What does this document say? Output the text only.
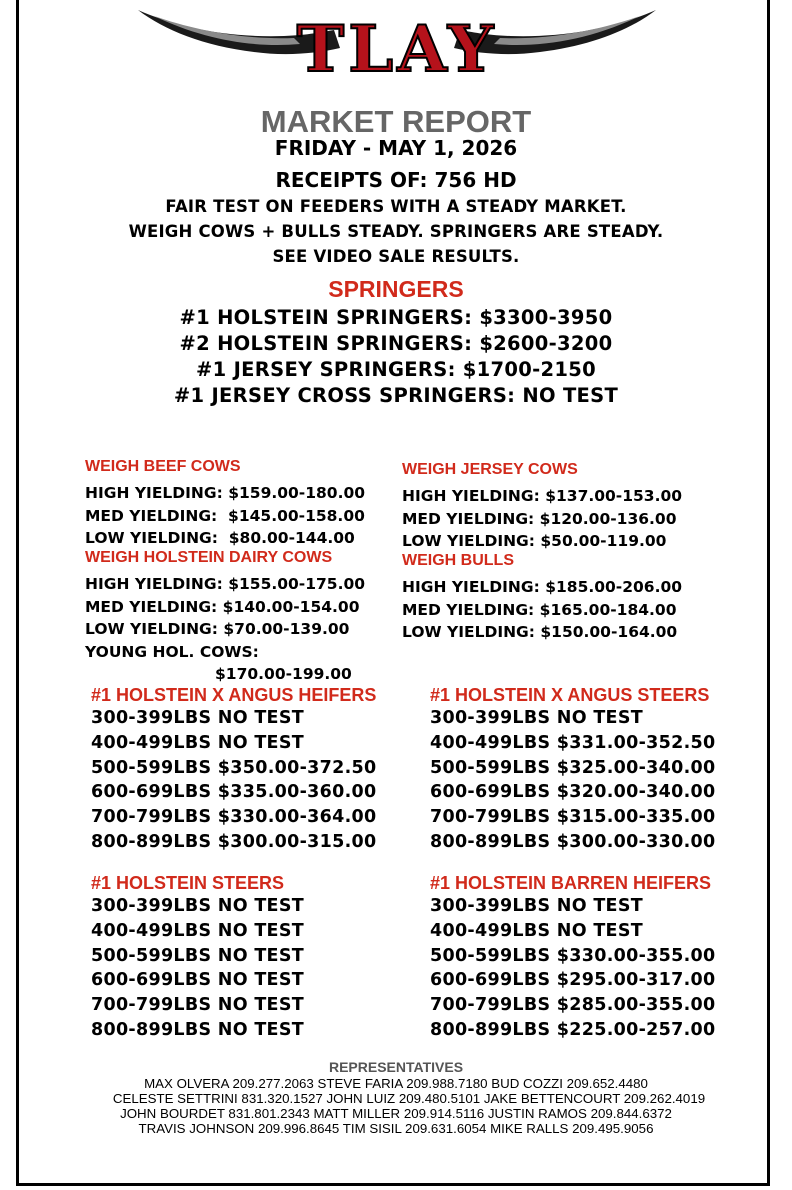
TLAY
MARKET REPORT
FRIDAY - MAY 1, 2026
RECEIPTS OF: 756 HD
FAIR TEST ON FEEDERS WITH A STEADY MARKET.
WEIGH COWS + BULLS STEADY. SPRINGERS ARE STEADY.
SEE VIDEO SALE RESULTS.
SPRINGERS
#1 HOLSTEIN SPRINGERS: $3300-3950
#2 HOLSTEIN SPRINGERS: $2600-3200
#1 JERSEY SPRINGERS: $1700-2150
#1 JERSEY CROSS SPRINGERS: NO TEST
WEIGH BEEF COWS
HIGH YIELDING: $159.00-180.00
MED YIELDING:  $145.00-158.00
LOW YIELDING:  $80.00-144.00
WEIGH HOLSTEIN DAIRY COWS
HIGH YIELDING: $155.00-175.00
MED YIELDING: $140.00-154.00
LOW YIELDING: $70.00-139.00
YOUNG HOL. COWS:
$170.00-199.00
WEIGH JERSEY COWS
HIGH YIELDING: $137.00-153.00
MED YIELDING: $120.00-136.00
LOW YIELDING: $50.00-119.00
WEIGH BULLS
HIGH YIELDING: $185.00-206.00
MED YIELDING: $165.00-184.00
LOW YIELDING: $150.00-164.00
#1 HOLSTEIN X ANGUS HEIFERS
300-399LBS NO TEST
400-499LBS NO TEST
500-599LBS $350.00-372.50
600-699LBS $335.00-360.00
700-799LBS $330.00-364.00
800-899LBS $300.00-315.00
#1 HOLSTEIN X ANGUS STEERS
300-399LBS NO TEST
400-499LBS $331.00-352.50
500-599LBS $325.00-340.00
600-699LBS $320.00-340.00
700-799LBS $315.00-335.00
800-899LBS $300.00-330.00
#1 HOLSTEIN STEERS
300-399LBS NO TEST
400-499LBS NO TEST
500-599LBS NO TEST
600-699LBS NO TEST
700-799LBS NO TEST
800-899LBS NO TEST
#1 HOLSTEIN BARREN HEIFERS
300-399LBS NO TEST
400-499LBS NO TEST
500-599LBS $330.00-355.00
600-699LBS $295.00-317.00
700-799LBS $285.00-355.00
800-899LBS $225.00-257.00
REPRESENTATIVES
MAX OLVERA 209.277.2063 STEVE FARIA 209.988.7180 BUD COZZI 209.652.4480
CELESTE SETTRINI 831.320.1527 JOHN LUIZ 209.480.5101 JAKE BETTENCOURT 209.262.4019
JOHN BOURDET 831.801.2343 MATT MILLER 209.914.5116 JUSTIN RAMOS 209.844.6372
TRAVIS JOHNSON 209.996.8645 TIM SISIL 209.631.6054 MIKE RALLS 209.495.9056
